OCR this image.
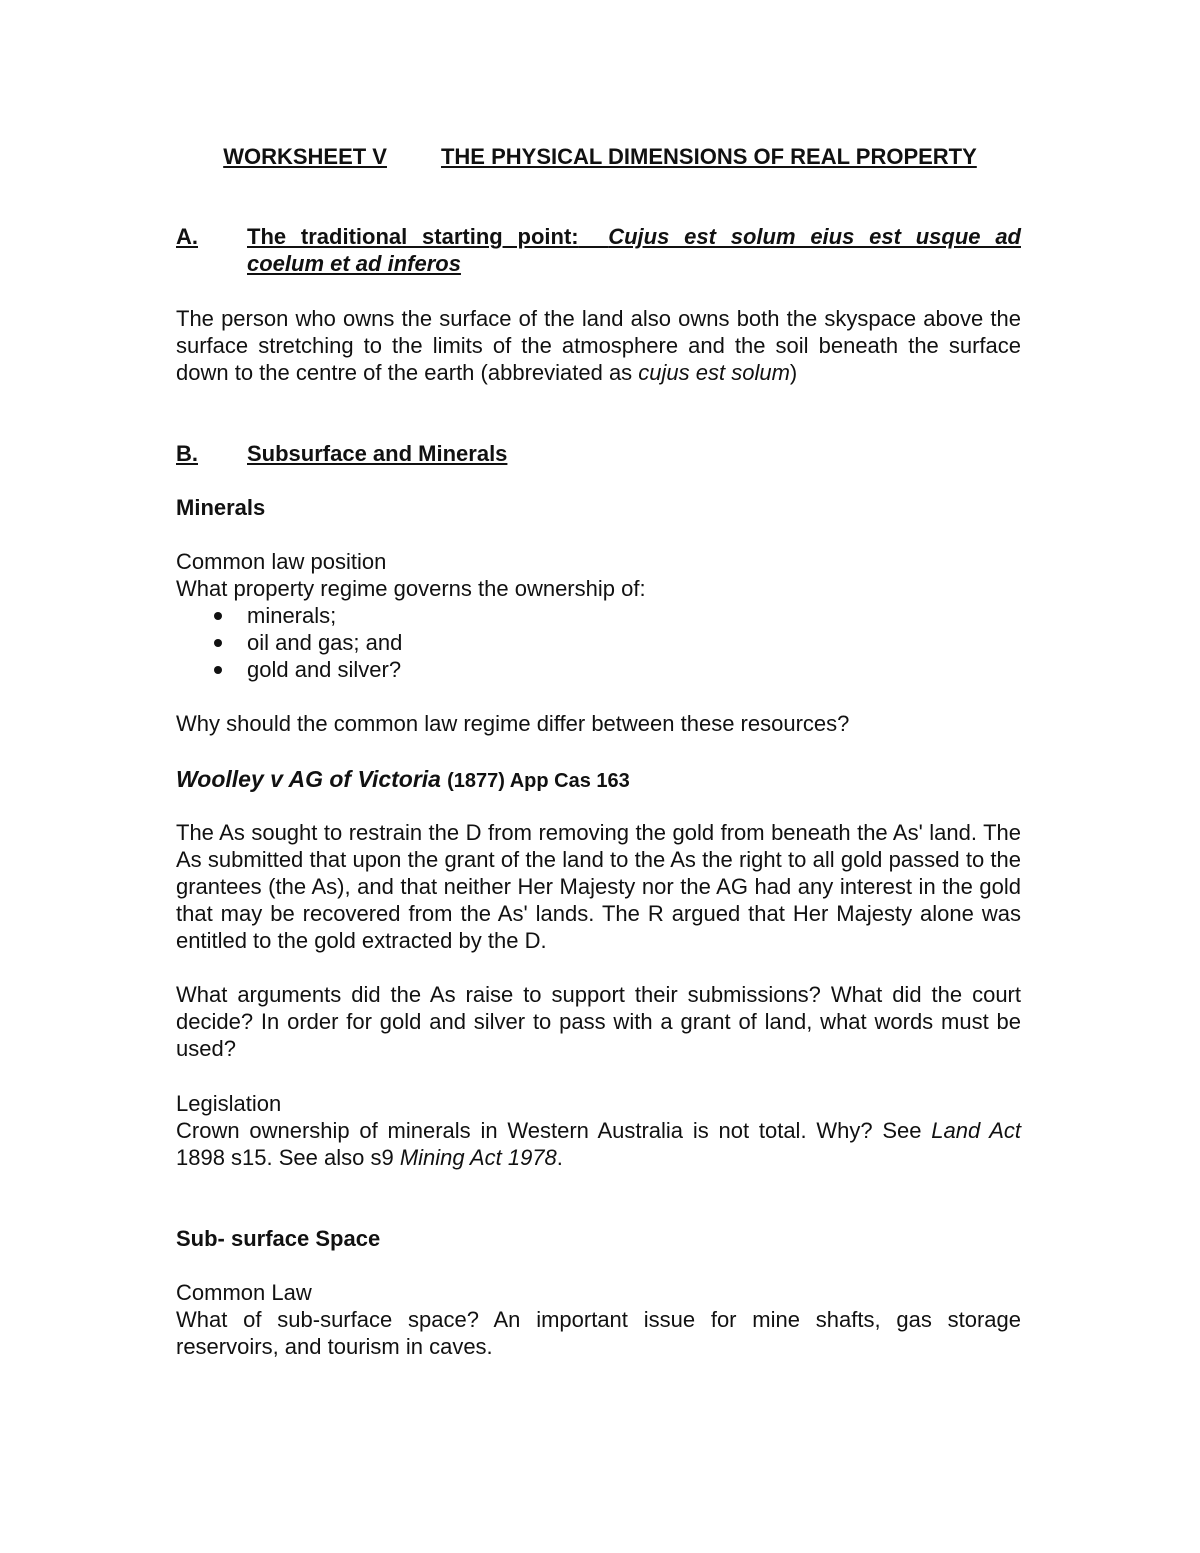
WORKSHEET V THE PHYSICAL DIMENSIONS OF REAL PROPERTY
A. The traditional starting point: Cujus est solum eius est usque ad
coelum et ad inferos
The person who owns the surface of the land also owns both the skyspace above the surface stretching to the limits of the atmosphere and the soil beneath the surface down to the centre of the earth (abbreviated as cujus est solum)
B. Subsurface and Minerals
Minerals
Common law position
What property regime governs the ownership of:
minerals;
oil and gas; and
gold and silver?
Why should the common law regime differ between these resources?
Woolley v AG of Victoria (1877) App Cas 163
The As sought to restrain the D from removing the gold from beneath the As' land. The As submitted that upon the grant of the land to the As the right to all gold passed to the grantees (the As), and that neither Her Majesty nor the AG had any interest in the gold that may be recovered from the As' lands. The R argued that Her Majesty alone was entitled to the gold extracted by the D.
What arguments did the As raise to support their submissions? What did the court decide? In order for gold and silver to pass with a grant of land, what words must be used?
Legislation
Crown ownership of minerals in Western Australia is not total. Why? See Land Act 1898 s15. See also s9 Mining Act 1978.
Sub- surface Space
Common Law
What of sub-surface space? An important issue for mine shafts, gas storage reservoirs, and tourism in caves.
